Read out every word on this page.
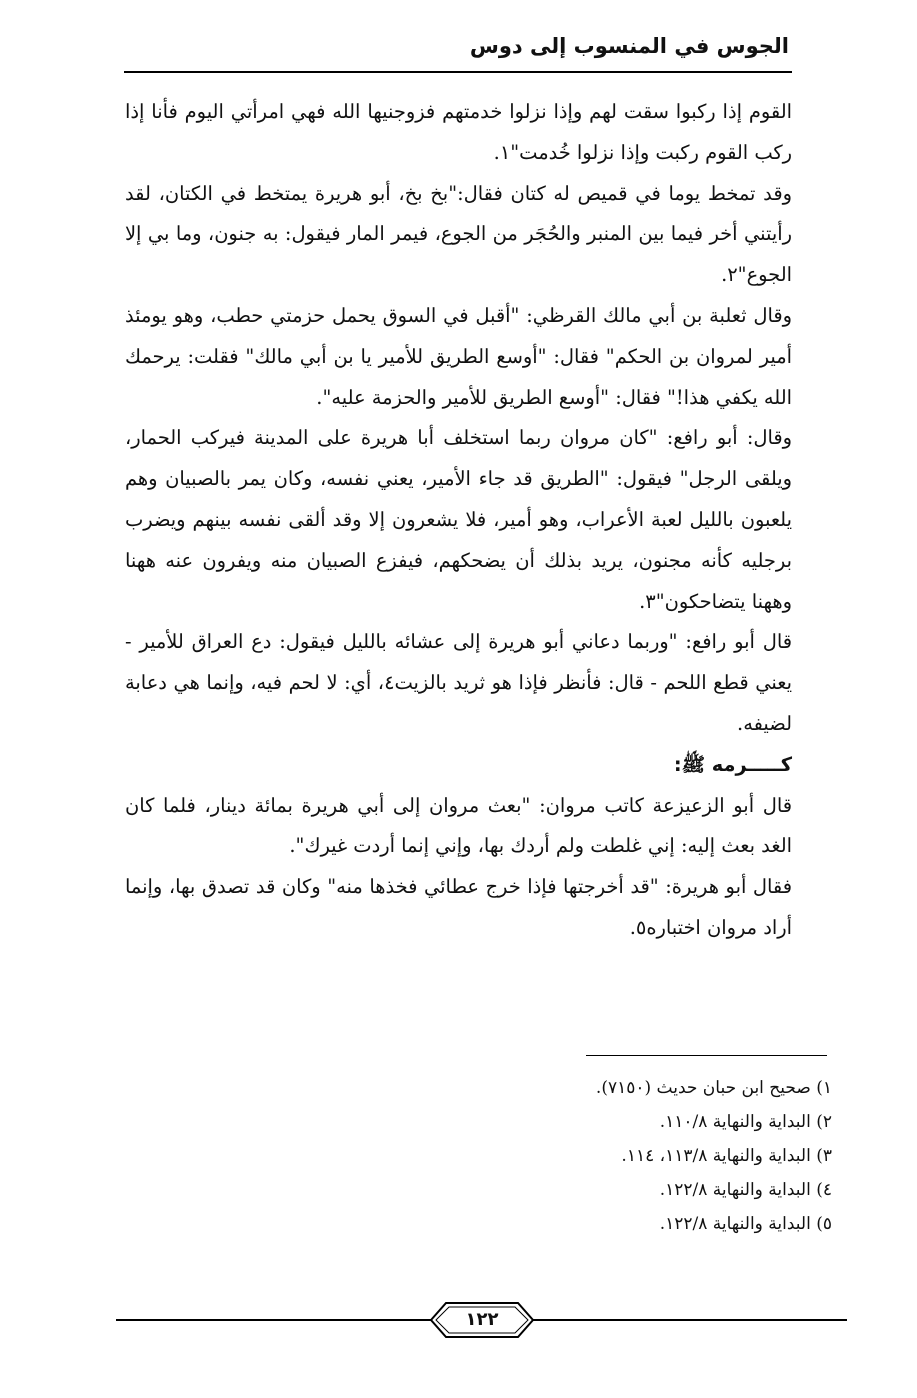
الجوس في المنسوب إلى دوس

القوم إذا ركبوا سقت لهم وإذا نزلوا خدمتهم فزوجنيها الله فهي امرأتي اليوم فأنا إذا ركب القوم ركبت وإذا نزلوا خُدمت"١.

وقد تمخط يوما في قميص له كتان فقال:"بخ بخ، أبو هريرة يمتخط في الكتان، لقد رأيتني أخر فيما بين المنبر والحُجَر من الجوع، فيمر المار فيقول: به جنون، وما بي إلا الجوع"٢.

وقال ثعلبة بن أبي مالك القرظي: "أقبل في السوق يحمل حزمتي حطب، وهو يومئذ أمير لمروان بن الحكم" فقال: "أوسع الطريق للأمير يا بن أبي مالك" فقلت: يرحمك الله يكفي هذا!" فقال: "أوسع الطريق للأمير والحزمة عليه".

وقال: أبو رافع: "كان مروان ربما استخلف أبا هريرة على المدينة فيركب الحمار، ويلقى الرجل" فيقول: "الطريق قد جاء الأمير، يعني نفسه، وكان يمر بالصبيان وهم يلعبون بالليل لعبة الأعراب، وهو أمير، فلا يشعرون إلا وقد ألقى نفسه بينهم ويضرب برجليه كأنه مجنون، يريد بذلك أن يضحكهم، فيفزع الصبيان منه ويفرون عنه ههنا وههنا يتضاحكون"٣.

قال أبو رافع: "وربما دعاني أبو هريرة إلى عشائه بالليل فيقول: دع العراق للأمير - يعني قطع اللحم - قال: فأنظر فإذا هو ثريد بالزيت٤، أي: لا لحم فيه، وإنما هي دعابة لضيفه.

كـــــرمه ﷺ:

قال أبو الزعيزعة كاتب مروان: "بعث مروان إلى أبي هريرة بمائة دينار، فلما كان الغد بعث إليه: إني غلطت ولم أردك بها، وإني إنما أردت غيرك".

فقال أبو هريرة: "قد أخرجتها فإذا خرج عطائي فخذها منه" وكان قد تصدق بها، وإنما أراد مروان اختباره٥.

١) صحيح ابن حبان حديث (٧١٥٠).
٢) البداية والنهاية ١١٠/٨.
٣) البداية والنهاية ١١٣/٨، ١١٤.
٤) البداية والنهاية ١٢٢/٨.
٥) البداية والنهاية ١٢٢/٨.
١٢٢
